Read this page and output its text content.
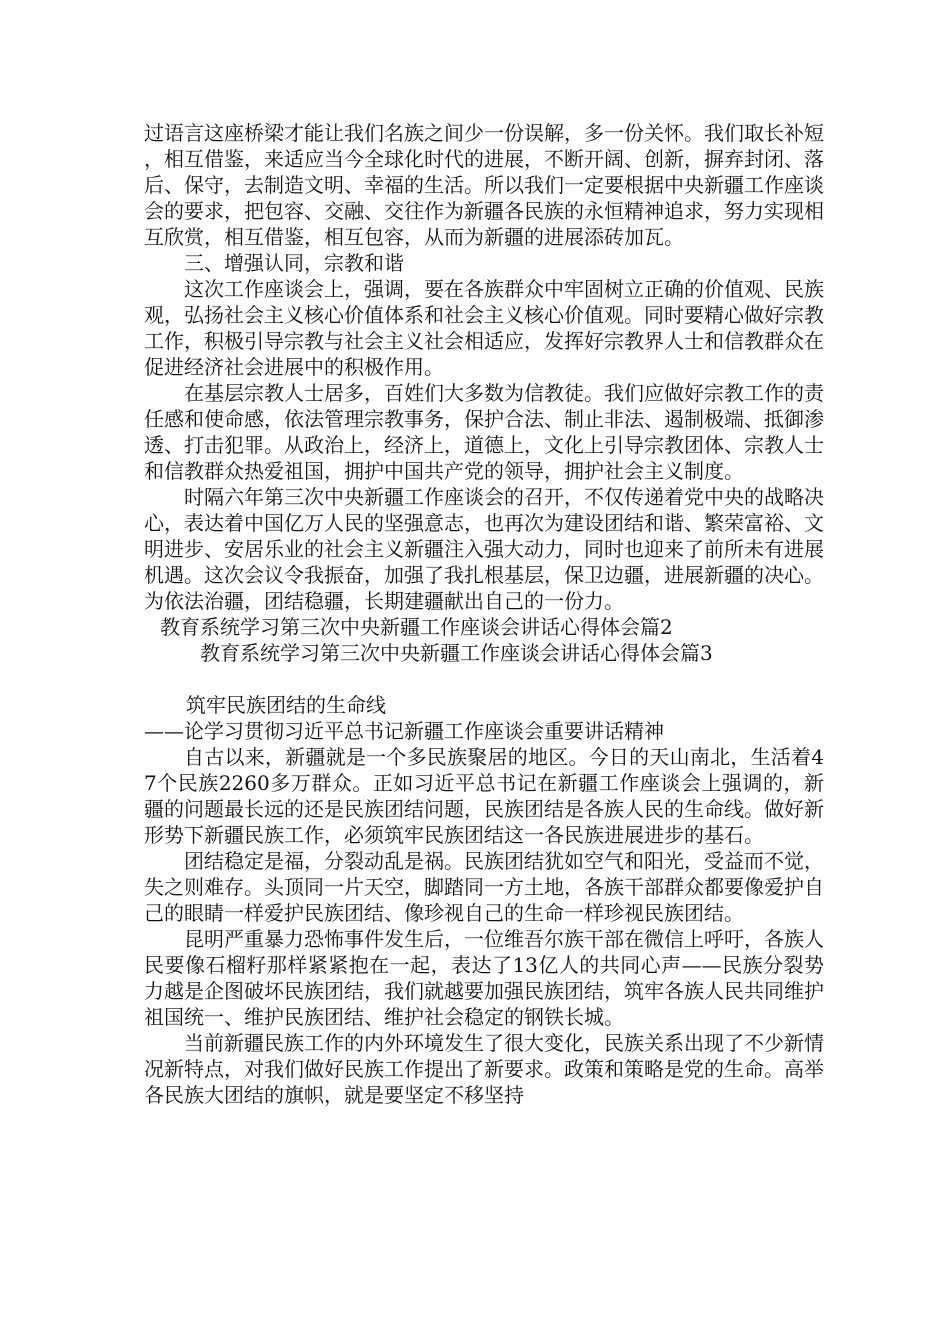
过语言这座桥梁才能让我们名族之间少一份误解，多一份关怀。我们取长补短，相互借鉴，来适应当今全球化时代的进展，不断开阔、创新，摒弃封闭、落后、保守，去制造文明、幸福的生活。所以我们一定要根据中央新疆工作座谈会的要求，把包容、交融、交往作为新疆各民族的永恒精神追求，努力实现相互欣赏，相互借鉴，相互包容，从而为新疆的进展添砖加瓦。

三、增强认同，宗教和谐

这次工作座谈会上，强调，要在各族群众中牢固树立正确的价值观、民族观，弘扬社会主义核心价值体系和社会主义核心价值观。同时要精心做好宗教工作，积极引导宗教与社会主义社会相适应，发挥好宗教界人士和信教群众在促进经济社会进展中的积极作用。

在基层宗教人士居多，百姓们大多数为信教徒。我们应做好宗教工作的责任感和使命感，依法管理宗教事务，保护合法、制止非法、遏制极端、抵御渗透、打击犯罪。从政治上，经济上，道德上，文化上引导宗教团体、宗教人士和信教群众热爱祖国，拥护中国共产党的领导，拥护社会主义制度。

时隔六年第三次中央新疆工作座谈会的召开，不仅传递着党中央的战略决心，表达着中国亿万人民的坚强意志，也再次为建设团结和谐、繁荣富裕、文明进步、安居乐业的社会主义新疆注入强大动力，同时也迎来了前所未有进展机遇。这次会议令我振奋，加强了我扎根基层，保卫边疆，进展新疆的决心。为依法治疆，团结稳疆，长期建疆献出自己的一份力。

教育系统学习第三次中央新疆工作座谈会讲话心得体会篇2

教育系统学习第三次中央新疆工作座谈会讲话心得体会篇3

筑牢民族团结的生命线

——论学习贯彻习近平总书记新疆工作座谈会重要讲话精神

自古以来，新疆就是一个多民族聚居的地区。今日的天山南北，生活着47个民族2260多万群众。正如习近平总书记在新疆工作座谈会上强调的，新疆的问题最长远的还是民族团结问题，民族团结是各族人民的生命线。做好新形势下新疆民族工作，必须筑牢民族团结这一各民族进展进步的基石。

团结稳定是福，分裂动乱是祸。民族团结犹如空气和阳光，受益而不觉，失之则难存。头顶同一片天空，脚踏同一方土地，各族干部群众都要像爱护自己的眼睛一样爱护民族团结、像珍视自己的生命一样珍视民族团结。

昆明严重暴力恐怖事件发生后，一位维吾尔族干部在微信上呼吁，各族人民要像石榴籽那样紧紧抱在一起，表达了13亿人的共同心声——民族分裂势力越是企图破坏民族团结，我们就越要加强民族团结，筑牢各族人民共同维护祖国统一、维护民族团结、维护社会稳定的钢铁长城。

当前新疆民族工作的内外环境发生了很大变化，民族关系出现了不少新情况新特点，对我们做好民族工作提出了新要求。政策和策略是党的生命。高举各民族大团结的旗帜，就是要坚定不移坚持
